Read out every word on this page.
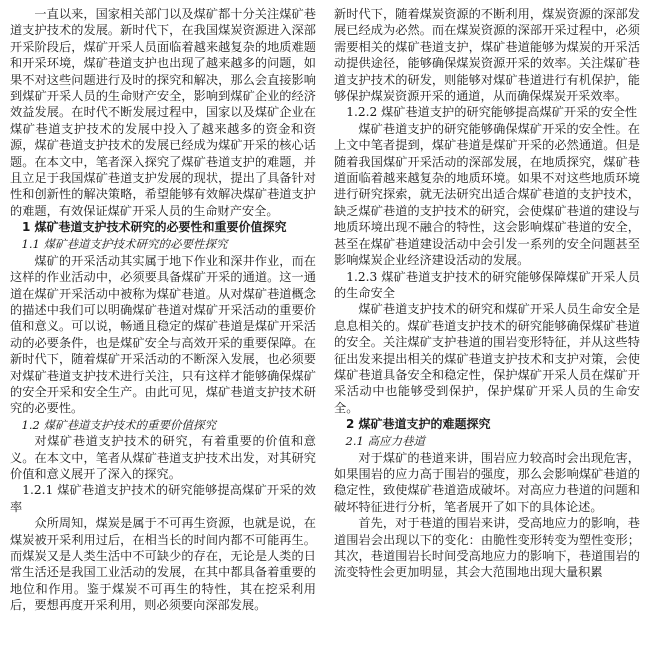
一直以来，国家相关部门以及煤矿都十分关注煤矿巷道支护技术的发展。新时代下，在我国煤炭资源进入深部开采阶段后，煤矿开采人员面临着越来越复杂的地质难题和开采环境，煤矿巷道支护也出现了越来越多的问题，如果不对这些问题进行及时的探究和解决，那么会直接影响到煤矿开采人员的生命财产安全，影响到煤矿企业的经济效益发展。在时代不断发展过程中，国家以及煤矿企业在煤矿巷道支护技术的发展中投入了越来越多的资金和资源，煤矿巷道支护技术的发展已经成为煤矿开采的核心话题。在本文中，笔者深入探究了煤矿巷道支护的难题，并且立足于我国煤矿巷道支护发展的现状，提出了具备针对性和创新性的解决策略，希望能够有效解决煤矿巷道支护的难题，有效保证煤矿开采人员的生命财产安全。

1 煤矿巷道支护技术研究的必要性和重要价值探究
1.1 煤矿巷道支护技术研究的必要性探究

煤矿的开采活动其实属于地下作业和深井作业，而在这样的作业活动中，必须要具备煤矿开采的通道。这一通道在煤矿开采活动中被称为煤矿巷道。从对煤矿巷道概念的描述中我们可以明确煤矿巷道对煤矿开采活动的重要价值和意义。可以说，畅通且稳定的煤矿巷道是煤矿开采活动的必要条件，也是煤矿安全与高效开采的重要保障。在新时代下，随着煤矿开采活动的不断深入发展，也必须要对煤矿巷道支护技术进行关注，只有这样才能够确保煤矿的安全开采和安全生产。由此可见，煤矿巷道支护技术研究的必要性。

1.2 煤矿巷道支护技术的重要价值探究

对煤矿巷道支护技术的研究，有着重要的价值和意义。在本文中，笔者从煤矿巷道支护技术出发，对其研究价值和意义展开了深入的探究。

1.2.1 煤矿巷道支护技术的研究能够提高煤矿开采的效率

众所周知，煤炭是属于不可再生资源，也就是说，在煤炭被开采利用过后，在相当长的时间内都不可能再生。而煤炭又是人类生活中不可缺少的存在，无论是人类的日常生活还是我国工业活动的发展，在其中都具备着重要的地位和作用。鉴于煤炭不可再生的特性，其在挖采利用后，要想再度开采利用，则必须要向深部发展。

新时代下，随着煤炭资源的不断利用，煤炭资源的深部发展已经成为必然。而在煤炭资源的深部开采过程中，必须需要相关的煤矿巷道支护，煤矿巷道能够为煤炭的开采活动提供途径，能够确保煤炭资源开采的效率。关注煤矿巷道支护技术的研发，则能够对煤矿巷道进行有机保护，能够保护煤炭资源开采的通道，从而确保煤炭开采效率。

1.2.2 煤矿巷道支护的研究能够提高煤矿开采的安全性

煤矿巷道支护的研究能够确保煤矿开采的安全性。在上文中笔者提到，煤矿巷道是煤矿开采的必然通道。但是随着我国煤矿开采活动的深部发展，在地质探究，煤矿巷道面临着越来越复杂的地质环境。如果不对这些地质环境进行研究探索，就无法研究出适合煤矿巷道的支护技术，缺乏煤矿巷道的支护技术的研究，会使煤矿巷道的建设与地质环境出现不融合的特性，这会影响煤矿巷道的安全，甚至在煤矿巷道建设活动中会引发一系列的安全问题甚至影响煤炭企业经济建设活动的发展。

1.2.3 煤矿巷道支护技术的研究能够保障煤矿开采人员的生命安全

煤矿巷道支护技术的研究和煤矿开采人员生命安全是息息相关的。煤矿巷道支护技术的研究能够确保煤矿巷道的安全。关注煤矿支护巷道的围岩变形特征，并从这些特征出发来提出相关的煤矿巷道支护技术和支护对策，会使煤矿巷道具备安全和稳定性，保护煤矿开采人员在煤矿开采活动中也能够受到保护，保护煤矿开采人员的生命安全。

2 煤矿巷道支护的难题探究
2.1 高应力巷道

对于煤矿的巷道来讲，围岩应力较高时会出现危害，如果围岩的应力高于围岩的强度，那么会影响煤矿巷道的稳定性，致使煤矿巷道造成破坏。对高应力巷道的问题和破坏特征进行分析，笔者展开了如下的具体论述。

首先，对于巷道的围岩来讲，受高地应力的影响，巷道围岩会出现以下的变化：由脆性变形转变为塑性变形；其次，巷道围岩长时间受高地应力的影响下，巷道围岩的流变特性会更加明显，其会大范围地出现大量积累
